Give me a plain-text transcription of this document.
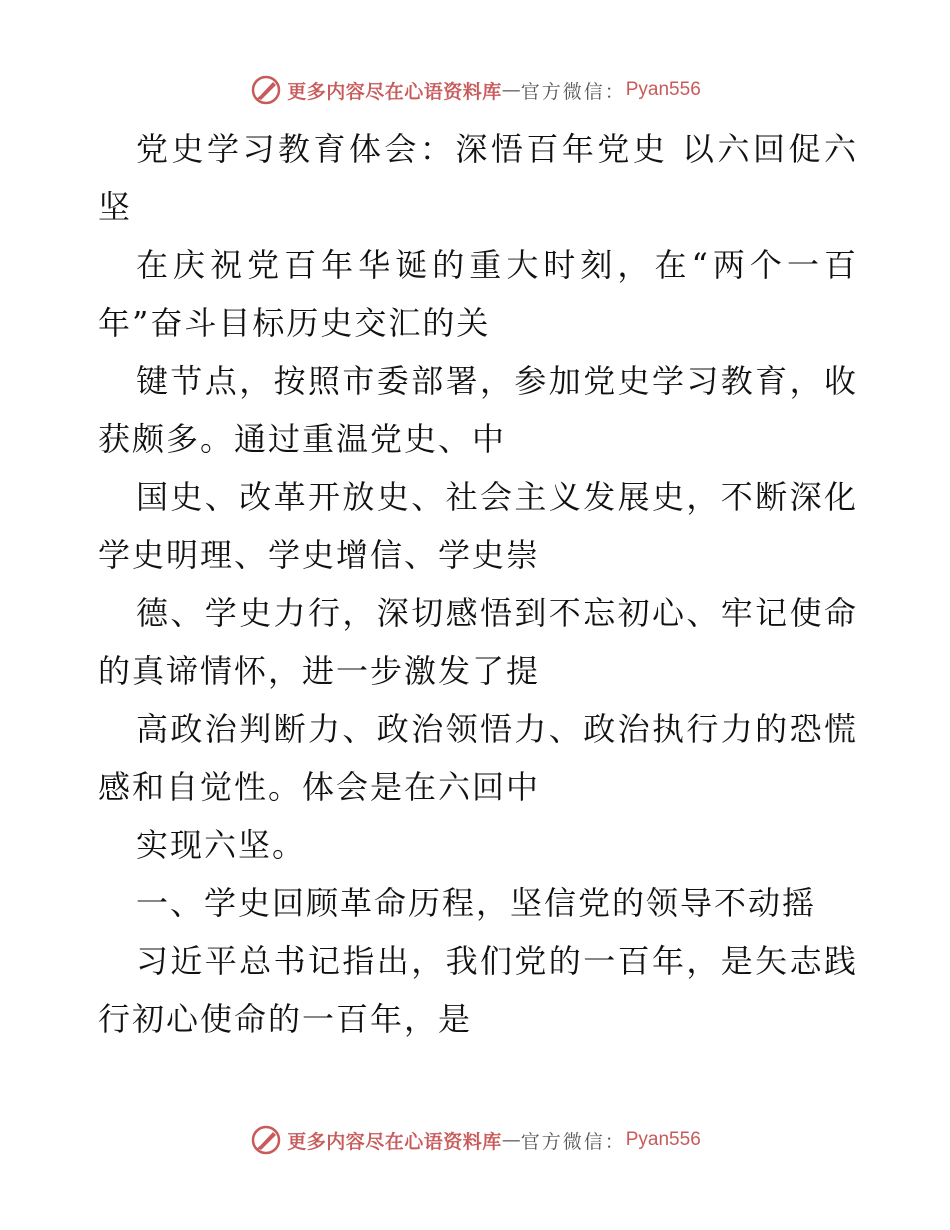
更多内容尽在心语资料库 — 官方微信： Pyan556

党史学习教育体会：深悟百年党史 以六回促六坚

在庆祝党百年华诞的重大时刻，在“两个一百年”奋斗目标历史交汇的关

键节点，按照市委部署，参加党史学习教育，收获颇多。通过重温党史、中

国史、改革开放史、社会主义发展史，不断深化学史明理、学史增信、学史崇

德、学史力行，深切感悟到不忘初心、牢记使命的真谛情怀，进一步激发了提

高政治判断力、政治领悟力、政治执行力的恐慌感和自觉性。体会是在六回中

实现六坚。

一、学史回顾革命历程，坚信党的领导不动摇

习近平总书记指出，我们党的一百年，是矢志践行初心使命的一百年，是

更多内容尽在心语资料库 — 官方微信： Pyan556
